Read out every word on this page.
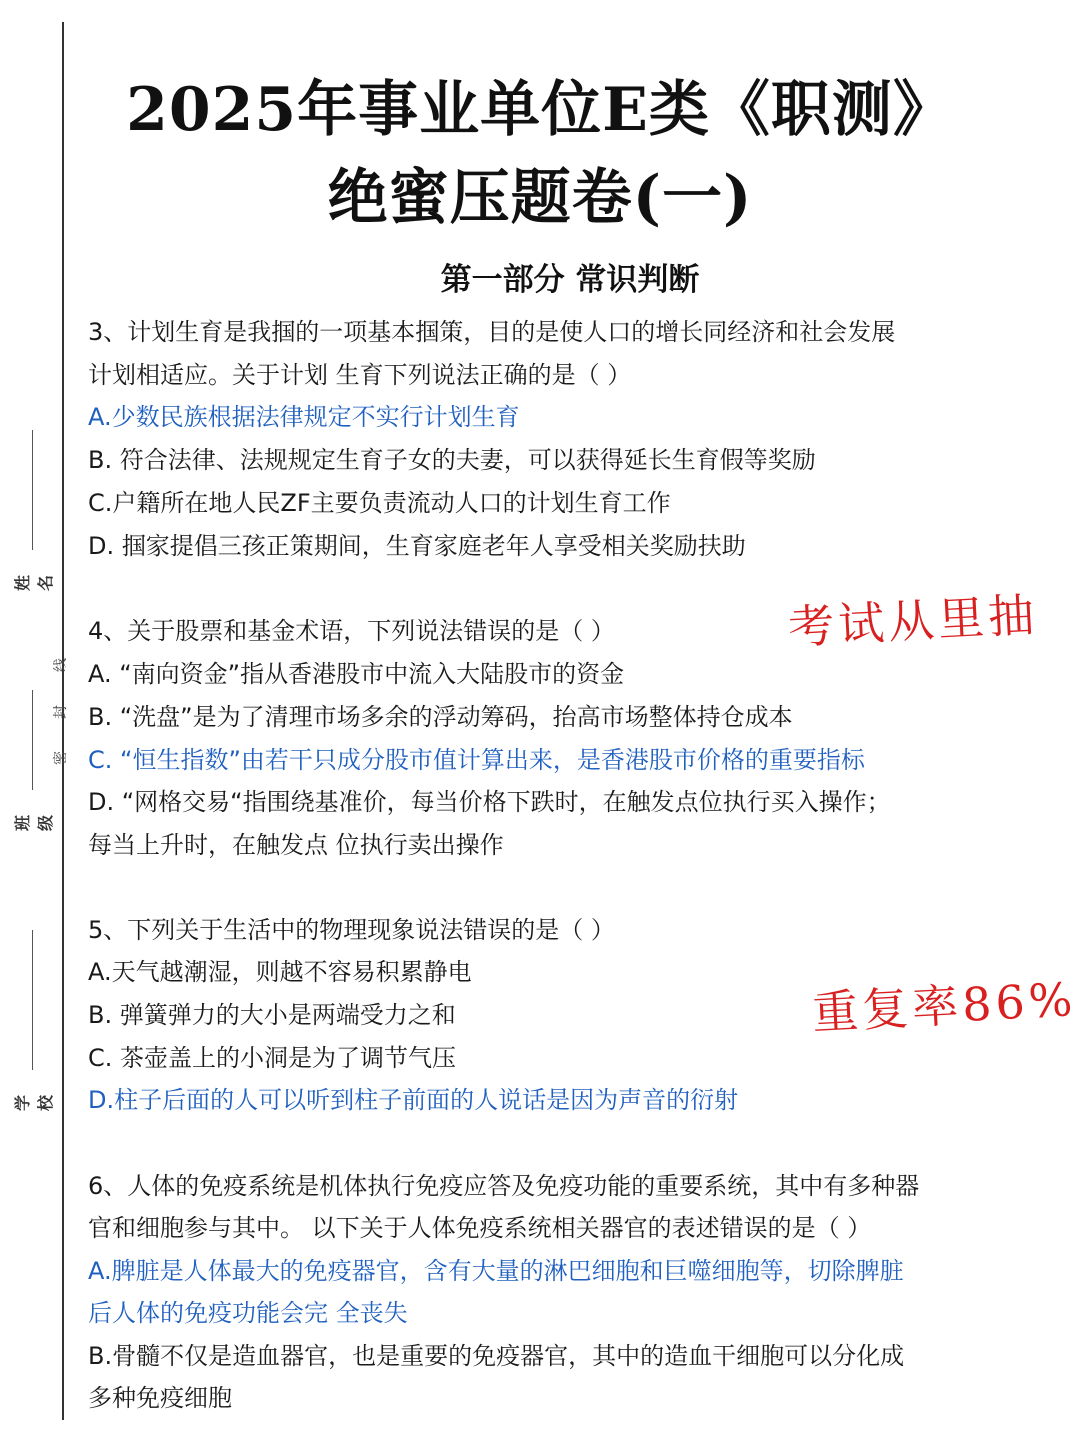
姓名
班级
学校
线
封
密
2025年事业单位E类《职测》
绝蜜压题卷(一)
第一部分 常识判断
3、计划生育是我掴的一项基本掴策，目的是使人口的增长同经济和社会发展
计划相适应。关于计划 生育下列说法正确的是（ ）
A.少数民族根据法律规定不实行计划生育
B. 符合法律、法规规定生育子女的夫妻，可以获得延长生育假等奖励
C.户籍所在地人民ZF主要负责流动人口的计划生育工作
D. 掴家提倡三孩正策期间，生育家庭老年人享受相关奖励扶助
考试从里抽
4、关于股票和基金术语，下列说法错误的是（ ）
A. “南向资金”指从香港股市中流入大陆股市的资金
B. “洗盘”是为了清理市场多余的浮动筹码，抬高市场整体持仓成本
C. “恒生指数”由若干只成分股市值计算出来，是香港股市价格的重要指标
D. “网格交易“指围绕基准价，每当价格下跌时，在触发点位执行买入操作；
每当上升时，在触发点 位执行卖出操作
5、下列关于生活中的物理现象说法错误的是（ ）
A.天气越潮湿，则越不容易积累静电
B. 弹簧弹力的大小是两端受力之和
C. 茶壶盖上的小洞是为了调节气压
D.柱子后面的人可以听到柱子前面的人说话是因为声音的衍射
重复率86%
6、人体的免疫系统是机体执行免疫应答及免疫功能的重要系统，其中有多种器
官和细胞参与其中。 以下关于人体免疫系统相关器官的表述错误的是（ ）
A.脾脏是人体最大的免疫器官，含有大量的淋巴细胞和巨噬细胞等，切除脾脏
后人体的免疫功能会完 全丧失
B.骨髓不仅是造血器官，也是重要的免疫器官，其中的造血干细胞可以分化成
多种免疫细胞
